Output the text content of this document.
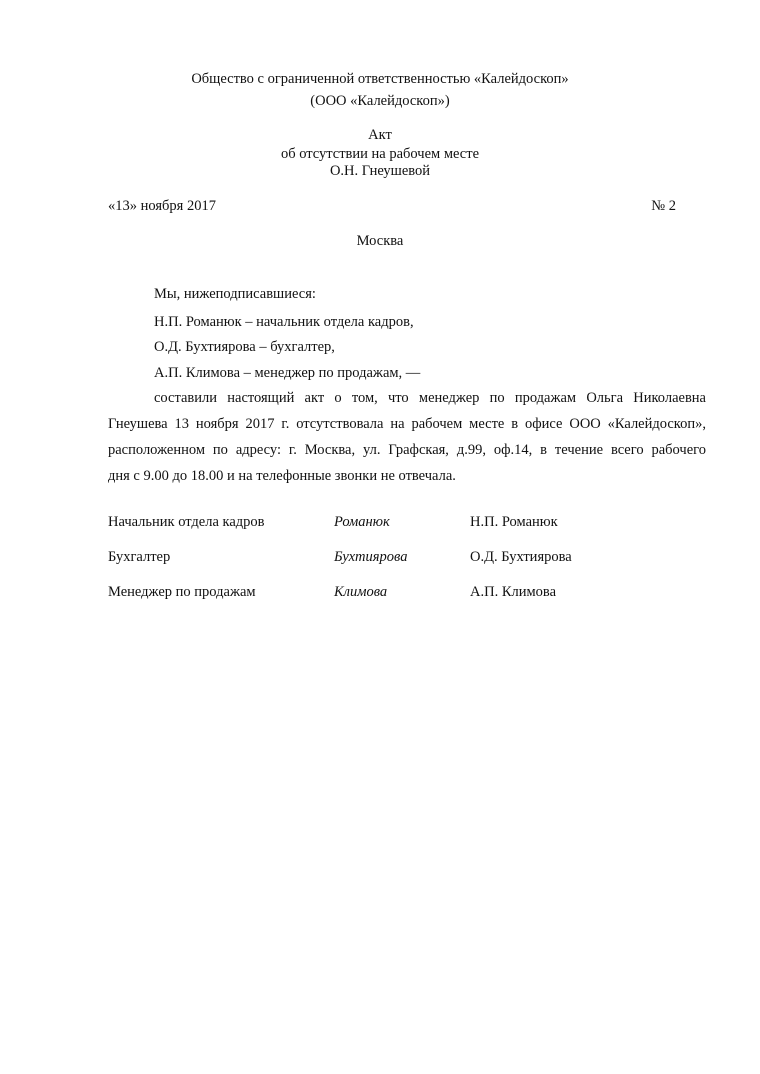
Общество с ограниченной ответственностью «Калейдоскоп»
(ООО «Калейдоскоп»)
Акт
об отсутствии на рабочем месте
О.Н. Гнеушевой
«13» ноября 2017	№ 2
Москва
Мы, нижеподписавшиеся:
Н.П. Романюк – начальник отдела кадров,
О.Д. Бухтиярова – бухгалтер,
А.П. Климова – менеджер по продажам, —
составили настоящий акт о том, что менеджер по продажам Ольга Николаевна
Гнеушева 13 ноября 2017 г. отсутствовала на рабочем месте в офисе ООО «Калейдоскоп»,
расположенном по адресу: г. Москва, ул. Графская, д.99, оф.14, в течение всего рабочего
дня с 9.00 до 18.00 и на телефонные звонки не отвечала.
Начальник отдела кадров	Романюк	Н.П. Романюк
Бухгалтер	Бухтиярова	О.Д. Бухтиярова
Менеджер по продажам	Климова	А.П. Климова
